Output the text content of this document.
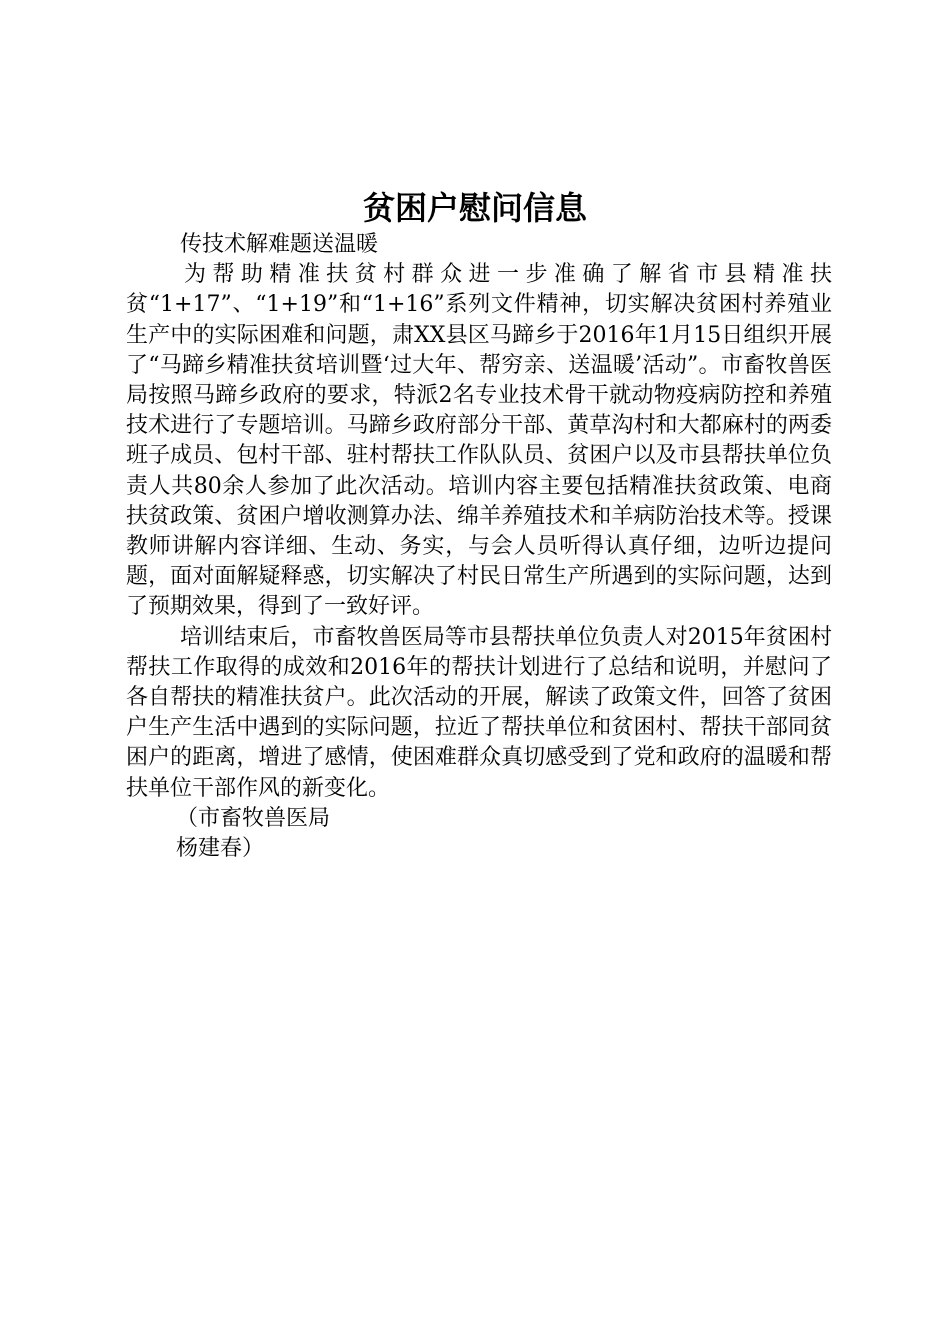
贫困户慰问信息

传技术解难题送温暖

为帮助精准扶贫村群众进一步准确了解省市县精准扶贫“1+17”、“1+19”和“1+16”系列文件精神，切实解决贫困村养殖业生产中的实际困难和问题，肃XX县区马蹄乡于2016年1月15日组织开展了“马蹄乡精准扶贫培训暨‘过大年、帮穷亲、送温暖’活动”。市畜牧兽医局按照马蹄乡政府的要求，特派2名专业技术骨干就动物疫病防控和养殖技术进行了专题培训。马蹄乡政府部分干部、黄草沟村和大都麻村的两委班子成员、包村干部、驻村帮扶工作队队员、贫困户以及市县帮扶单位负责人共80余人参加了此次活动。培训内容主要包括精准扶贫政策、电商扶贫政策、贫困户增收测算办法、绵羊养殖技术和羊病防治技术等。授课教师讲解内容详细、生动、务实，与会人员听得认真仔细，边听边提问题，面对面解疑释惑，切实解决了村民日常生产所遇到的实际问题，达到了预期效果，得到了一致好评。

培训结束后，市畜牧兽医局等市县帮扶单位负责人对2015年贫困村帮扶工作取得的成效和2016年的帮扶计划进行了总结和说明，并慰问了各自帮扶的精准扶贫户。此次活动的开展，解读了政策文件，回答了贫困户生产生活中遇到的实际问题，拉近了帮扶单位和贫困村、帮扶干部同贫困户的距离，增进了感情，使困难群众真切感受到了党和政府的温暖和帮扶单位干部作风的新变化。

（市畜牧兽医局

杨建春）
